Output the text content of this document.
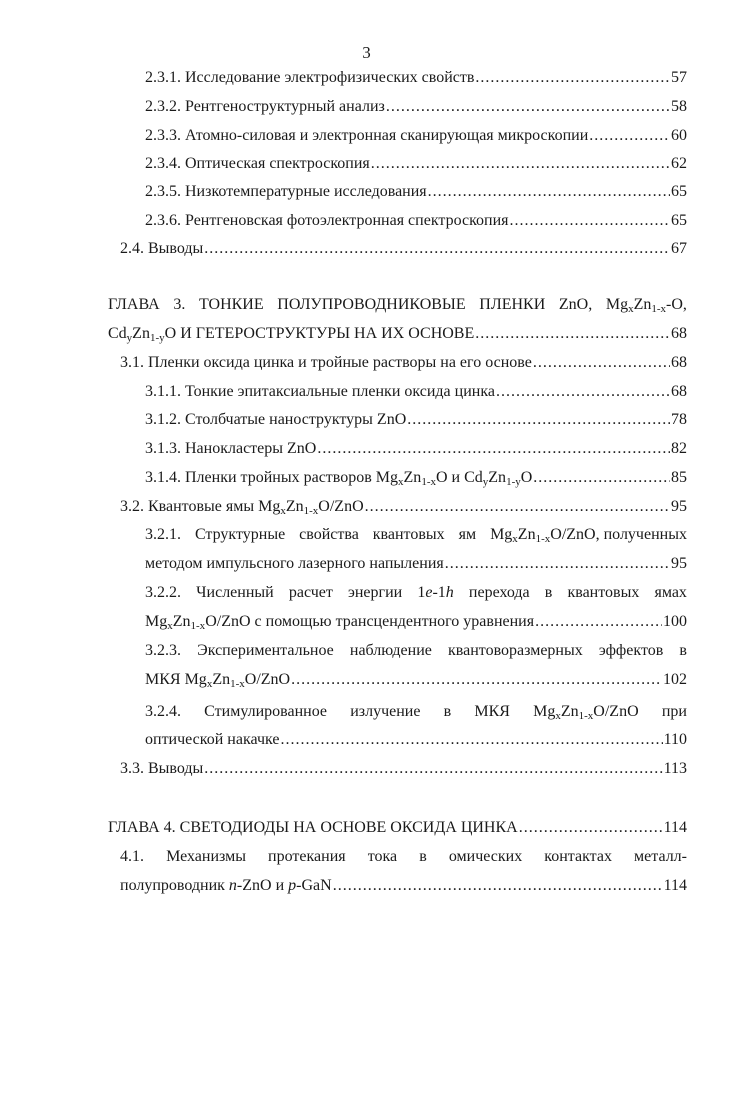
3
2.3.1. Исследование электрофизических свойств .....	57
2.3.2. Рентгеноструктурный анализ .....	58
2.3.3. Атомно-силовая и электронная сканирующая микроскопии .....	60
2.3.4. Оптическая спектроскопия .....	62
2.3.5. Низкотемпературные исследования .....	65
2.3.6. Рентгеновская фотоэлектронная спектроскопия .....	65
2.4. Выводы .....	67
ГЛАВА 3. ТОНКИЕ ПОЛУПРОВОДНИКОВЫЕ ПЛЕНКИ ZnO, $Mg_xZn_{1-x}-O$,
$Cd_yZn_{1-y}O$ И ГЕТЕРОСТРУКТУРЫ НА ИХ ОСНОВЕ .....	68
3.1. Пленки оксида цинка и тройные растворы на его основе .....	68
3.1.1. Тонкие эпитаксиальные пленки оксида цинка .....	68
3.1.2. Столбчатые наноструктуры ZnO .....	78
3.1.3. Нанокластеры ZnO .....	82
3.1.4. Пленки тройных растворов $Mg_xZn_{1-x}O$ и $Cd_yZn_{1-y}O$ .....	85
3.2. Квантовые ямы $Mg_xZn_{1-x}O$/ZnO .....	95
3.2.1. Структурные свойства квантовых ям $Mg_xZn_{1-x}O$/ZnO, полученных
методом импульсного лазерного напыления .....	95
3.2.2. Численный расчет энергии 1e-1h перехода в квантовых ямах
$Mg_xZn_{1-x}O$/ZnO с помощью трансцендентного уравнения .....	100
3.2.3. Экспериментальное наблюдение квантоворазмерных эффектов в
МКЯ $Mg_xZn_{1-x}O$/ZnO .....	102
3.2.4. Стимулированное излучение в МКЯ $Mg_xZn_{1-x}O$/ZnO при
оптической накачке .....	110
3.3. Выводы .....	113
ГЛАВА 4. СВЕТОДИОДЫ НА ОСНОВЕ ОКСИДА ЦИНКА .....	114
4.1. Механизмы протекания тока в омических контактах металл-
полупроводник n-ZnO и p-GaN .....	114
